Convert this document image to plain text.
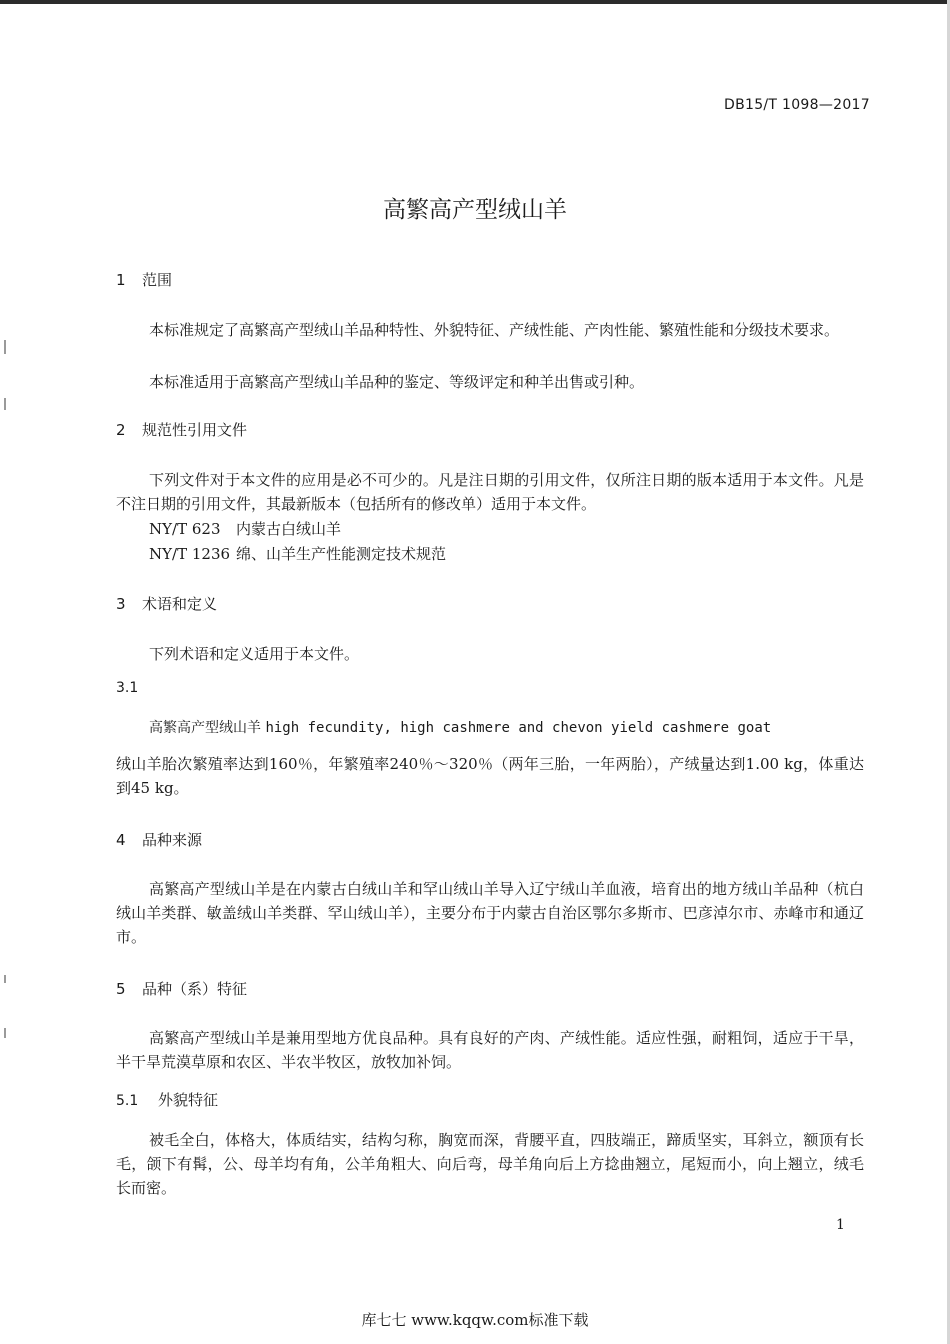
DB15/T 1098—2017
高繁高产型绒山羊
1 范围
本标准规定了高繁高产型绒山羊品种特性、外貌特征、产绒性能、产肉性能、繁殖性能和分级技术要求。
本标准适用于高繁高产型绒山羊品种的鉴定、等级评定和种羊出售或引种。
2 规范性引用文件
下列文件对于本文件的应用是必不可少的。凡是注日期的引用文件，仅所注日期的版本适用于本文件。凡是不注日期的引用文件，其最新版本（包括所有的修改单）适用于本文件。
NY/T 623 内蒙古白绒山羊
NY/T 1236 绵、山羊生产性能测定技术规范
3 术语和定义
下列术语和定义适用于本文件。
3.1
高繁高产型绒山羊 high fecundity, high cashmere and chevon yield cashmere goat
绒山羊胎次繁殖率达到160％，年繁殖率240％～320％（两年三胎，一年两胎），产绒量达到1.00 kg，体重达到45 kg。
4 品种来源
高繁高产型绒山羊是在内蒙古白绒山羊和罕山绒山羊导入辽宁绒山羊血液，培育出的地方绒山羊品种（杭白绒山羊类群、敏盖绒山羊类群、罕山绒山羊），主要分布于内蒙古自治区鄂尔多斯市、巴彦淖尔市、赤峰市和通辽市。
5 品种（系）特征
高繁高产型绒山羊是兼用型地方优良品种。具有良好的产肉、产绒性能。适应性强，耐粗饲，适应于干旱，半干旱荒漠草原和农区、半农半牧区，放牧加补饲。
5.1 外貌特征
被毛全白，体格大，体质结实，结构匀称，胸宽而深，背腰平直，四肢端正，蹄质坚实，耳斜立，额顶有长毛，颌下有髯，公、母羊均有角，公羊角粗大、向后弯，母羊角向后上方捻曲翘立，尾短而小，向上翘立，绒毛长而密。
1
库七七 www.kqqw.com标准下载
